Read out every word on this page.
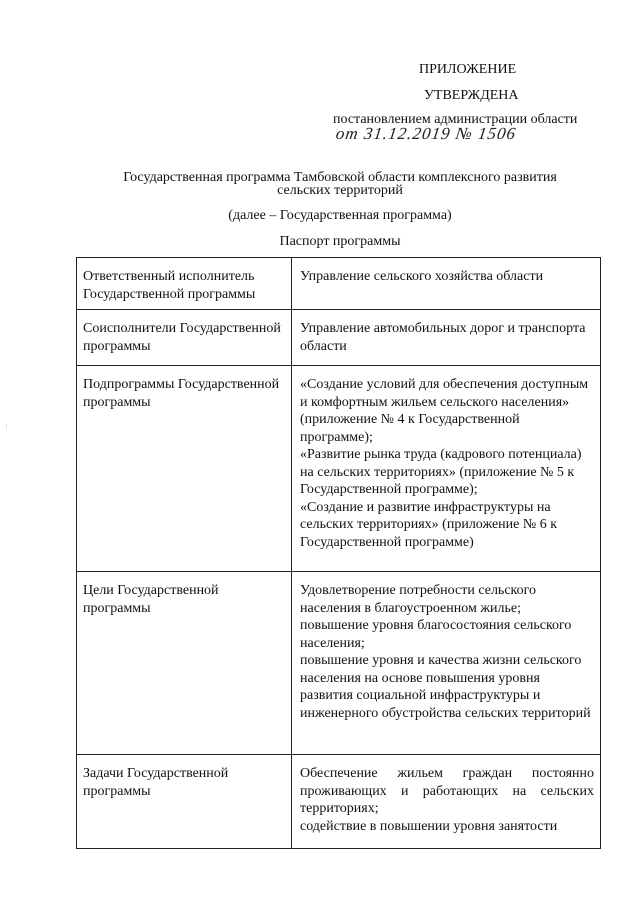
ПРИЛОЖЕНИЕ
УТВЕРЖДЕНА
постановлением администрации области
от 31.12.2019 № 1506
Государственная программа Тамбовской области комплексного развития
сельских территорий
(далее – Государственная программа)
Паспорт программы
Ответственный исполнитель Государственной программы	Управление сельского хозяйства области
Соисполнители Государственной программы	Управление автомобильных дорог и транспорта области
Подпрограммы Государственной программы	«Создание условий для обеспечения доступным и комфортным жильем сельского населения» (приложение № 4 к Государственной программе);
«Развитие рынка труда (кадрового потенциала) на сельских территориях» (приложение № 5 к Государственной программе);
«Создание и развитие инфраструктуры на сельских территориях» (приложение № 6 к Государственной программе)

Цели Государственной программы	Удовлетворение потребности сельского населения в благоустроенном жилье;
повышение уровня благосостояния сельского населения;
повышение уровня и качества жизни сельского населения на основе повышения уровня развития социальной инфраструктуры и инженерного обустройства сельских территорий

Задачи Государственной программы	Обеспечение жильем граждан постоянно проживающих и работающих на сельских территориях;
содействие в повышении уровня занятости
…
